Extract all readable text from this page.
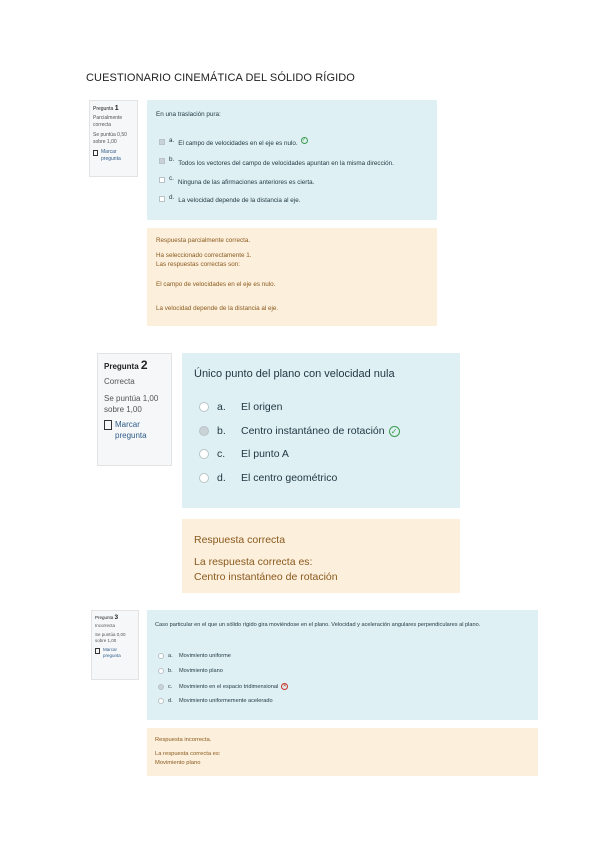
CUESTIONARIO CINEMÁTICA DEL SÓLIDO RÍGIDO
Pregunta 1
Parcialmente correcta
Se puntúa 0,50 sobre 1,00
Marcar pregunta
En una traslación pura:
a. El campo de velocidades en el eje es nulo. ✓
b.
Todos los vectores del campo de velocidades apuntan en la misma dirección.
c.
Ninguna de las afirmaciones anteriores es cierta.
d. La velocidad depende de la distancia al eje.
Respuesta parcialmente correcta.
Ha seleccionado correctamente 1.
Las respuestas correctas son:
El campo de velocidades en el eje es nulo.
La velocidad depende de la distancia al eje.
Pregunta 2
Correcta
Se puntúa 1,00 sobre 1,00
Marcar pregunta
Único punto del plano con velocidad nula
a.	El origen
b.	Centro instantáneo de rotación ✓
c.	El punto A
d.	El centro geométrico
Respuesta correcta
La respuesta correcta es:
Centro instantáneo de rotación
Pregunta 3
Incorrecta
Se puntúa 0,00 sobre 1,00
Marcar pregunta
Caso particular en el que un sólido rígido gira moviéndose en el plano. Velocidad y aceleración angulares perpendiculares al plano.
a.	Movimiento uniforme
b.	Movimiento plano
c.	Movimiento en el espacio tridimensional ✕
d.	Movimiento uniformemente acelerado
Respuesta incorrecta.
La respuesta correcta es:
Movimiento plano
